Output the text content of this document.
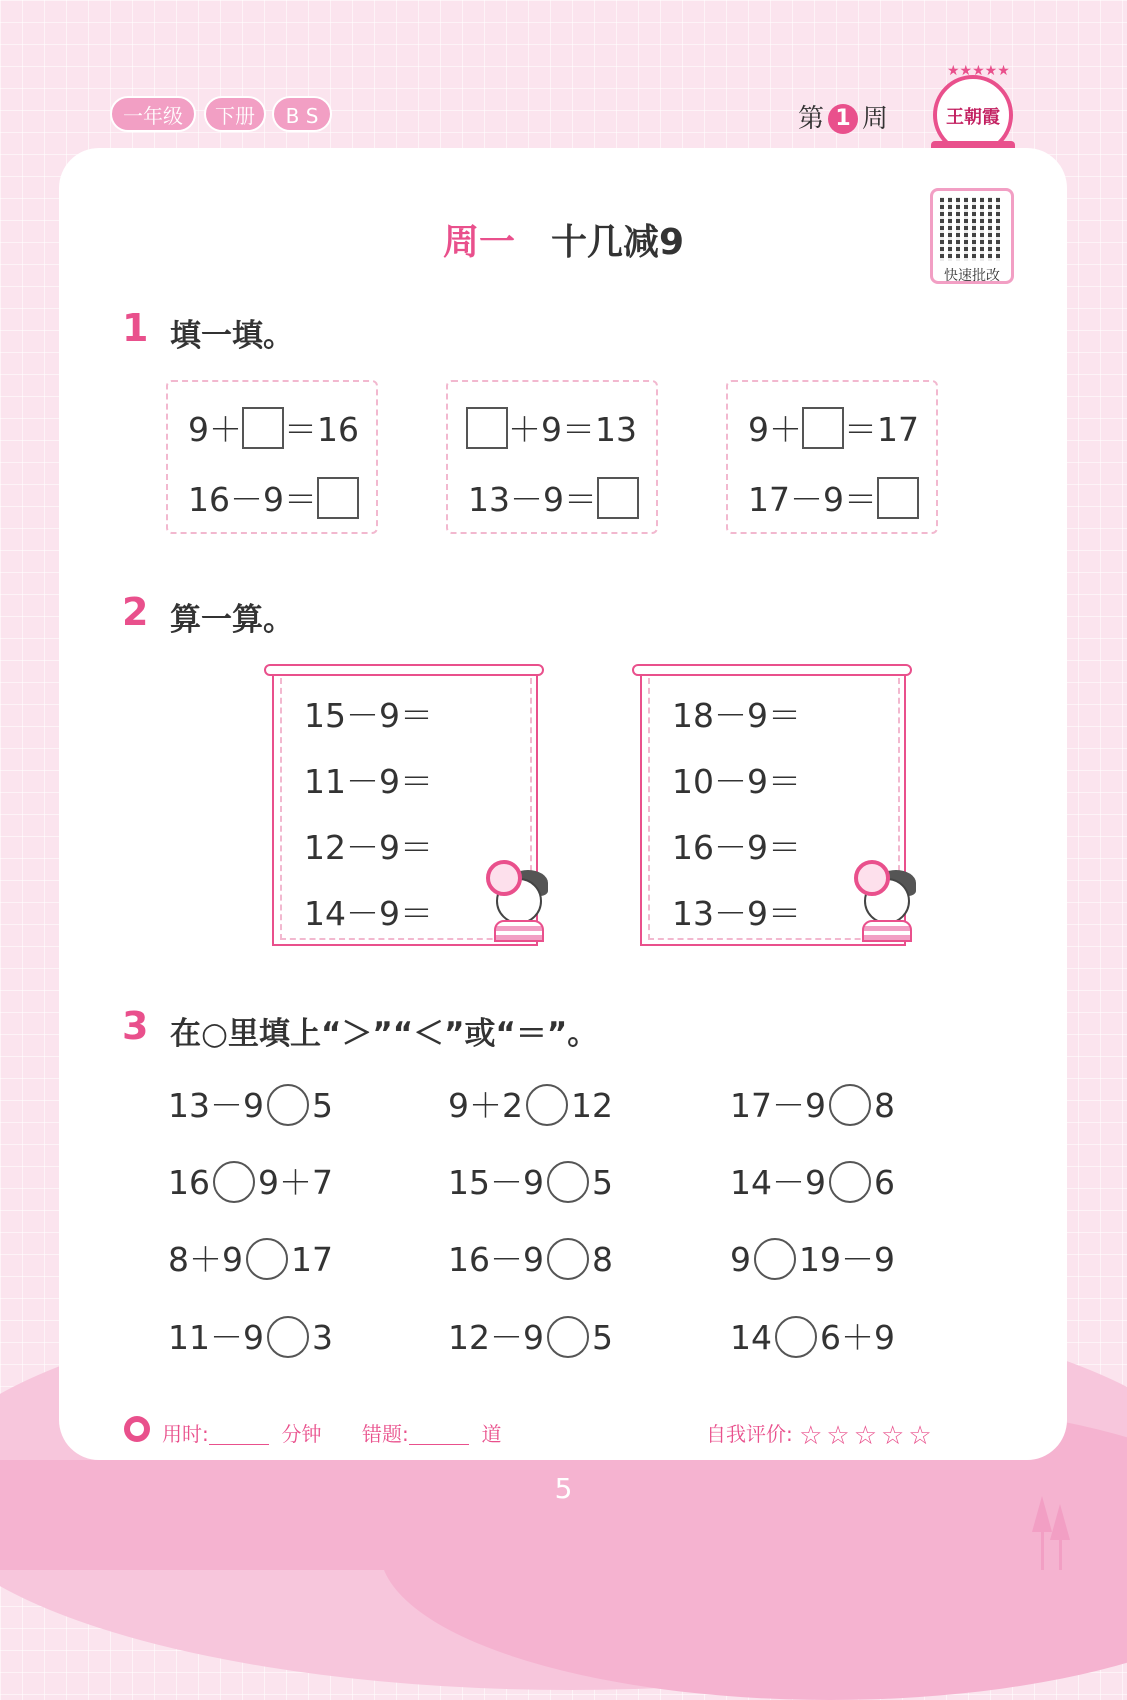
一年级	下册	B S	第 1 周
★★★★★
王朝霞
快速批改
周一 十几减9
1 填一填。
9＋ ＝16
16－9＝
＋9＝13
13－9＝
9＋ ＝17
17－9＝
2 算一算。
15－9＝
11－9＝
12－9＝
14－9＝
18－9＝
10－9＝
16－9＝
13－9＝
3 在○里填上“＞”“＜”或“＝”。
13－9 5	9＋2 12	17－9 8
16 9＋7	15－9 5	14－9 6
8＋9 17	16－9 8	9 19－9
11－9 3	12－9 5	14 6＋9
用时:	分钟 错题:	道	自我评价: ☆☆☆☆☆
5
